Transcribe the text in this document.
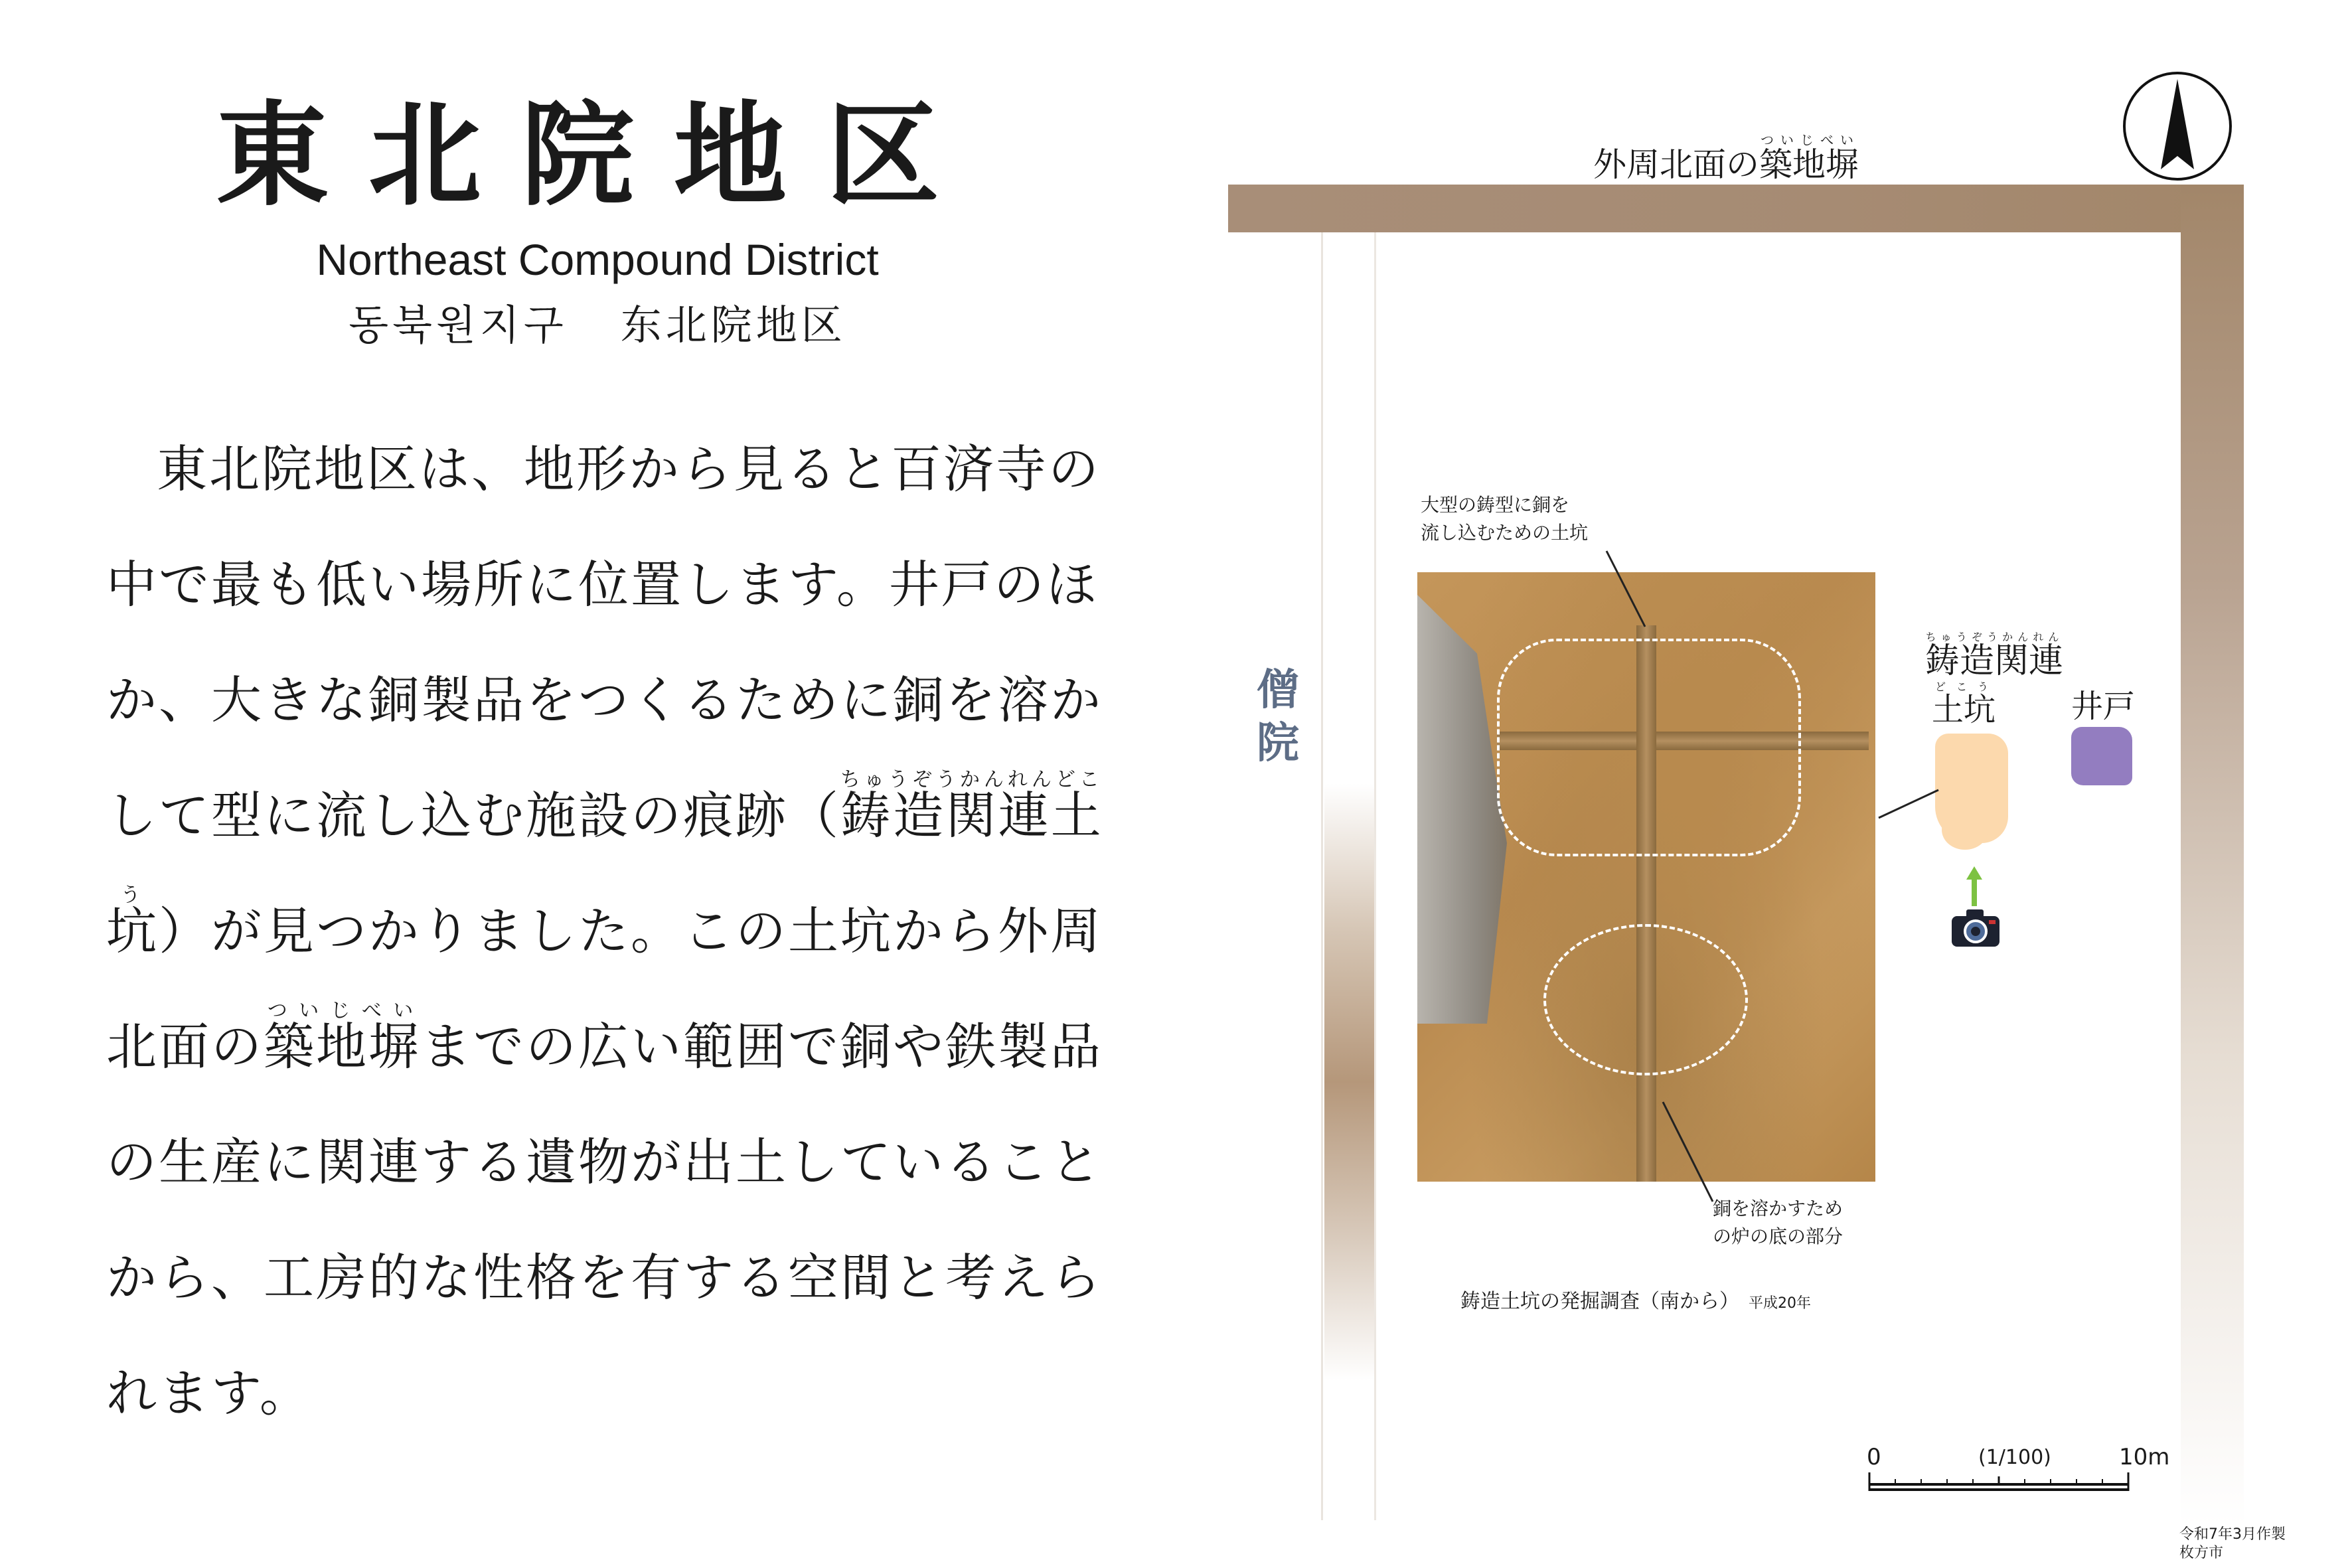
東北院地区
Northeast Compound District
동북원지구 东北院地区

東北院地区は、地形から見ると百済寺の中で最も低い場所に位置します。井戸のほか、大きな銅製品をつくるために銅を溶かして型に流し込む施設の痕跡（鋳造関連土坑ちゅうぞうかんれんどこう）が見つかりました。この土坑から外周北面の築地塀ついじべいまでの広い範囲で銅や鉄製品の生産に関連する遺物が出土していることから、工房的な性格を有する空間と考えられます。

外周北面の築地塀ついじべい
僧
院
大型の鋳型に銅を
流し込むための土坑
銅を溶かすため
の炉の底の部分
鋳造土坑の発掘調査（南から） 平成20年
鋳造関連ちゅうぞうかんれん
土坑どこう
井戸
0	(1/100)	10m
令和7年3月作製
枚方市
